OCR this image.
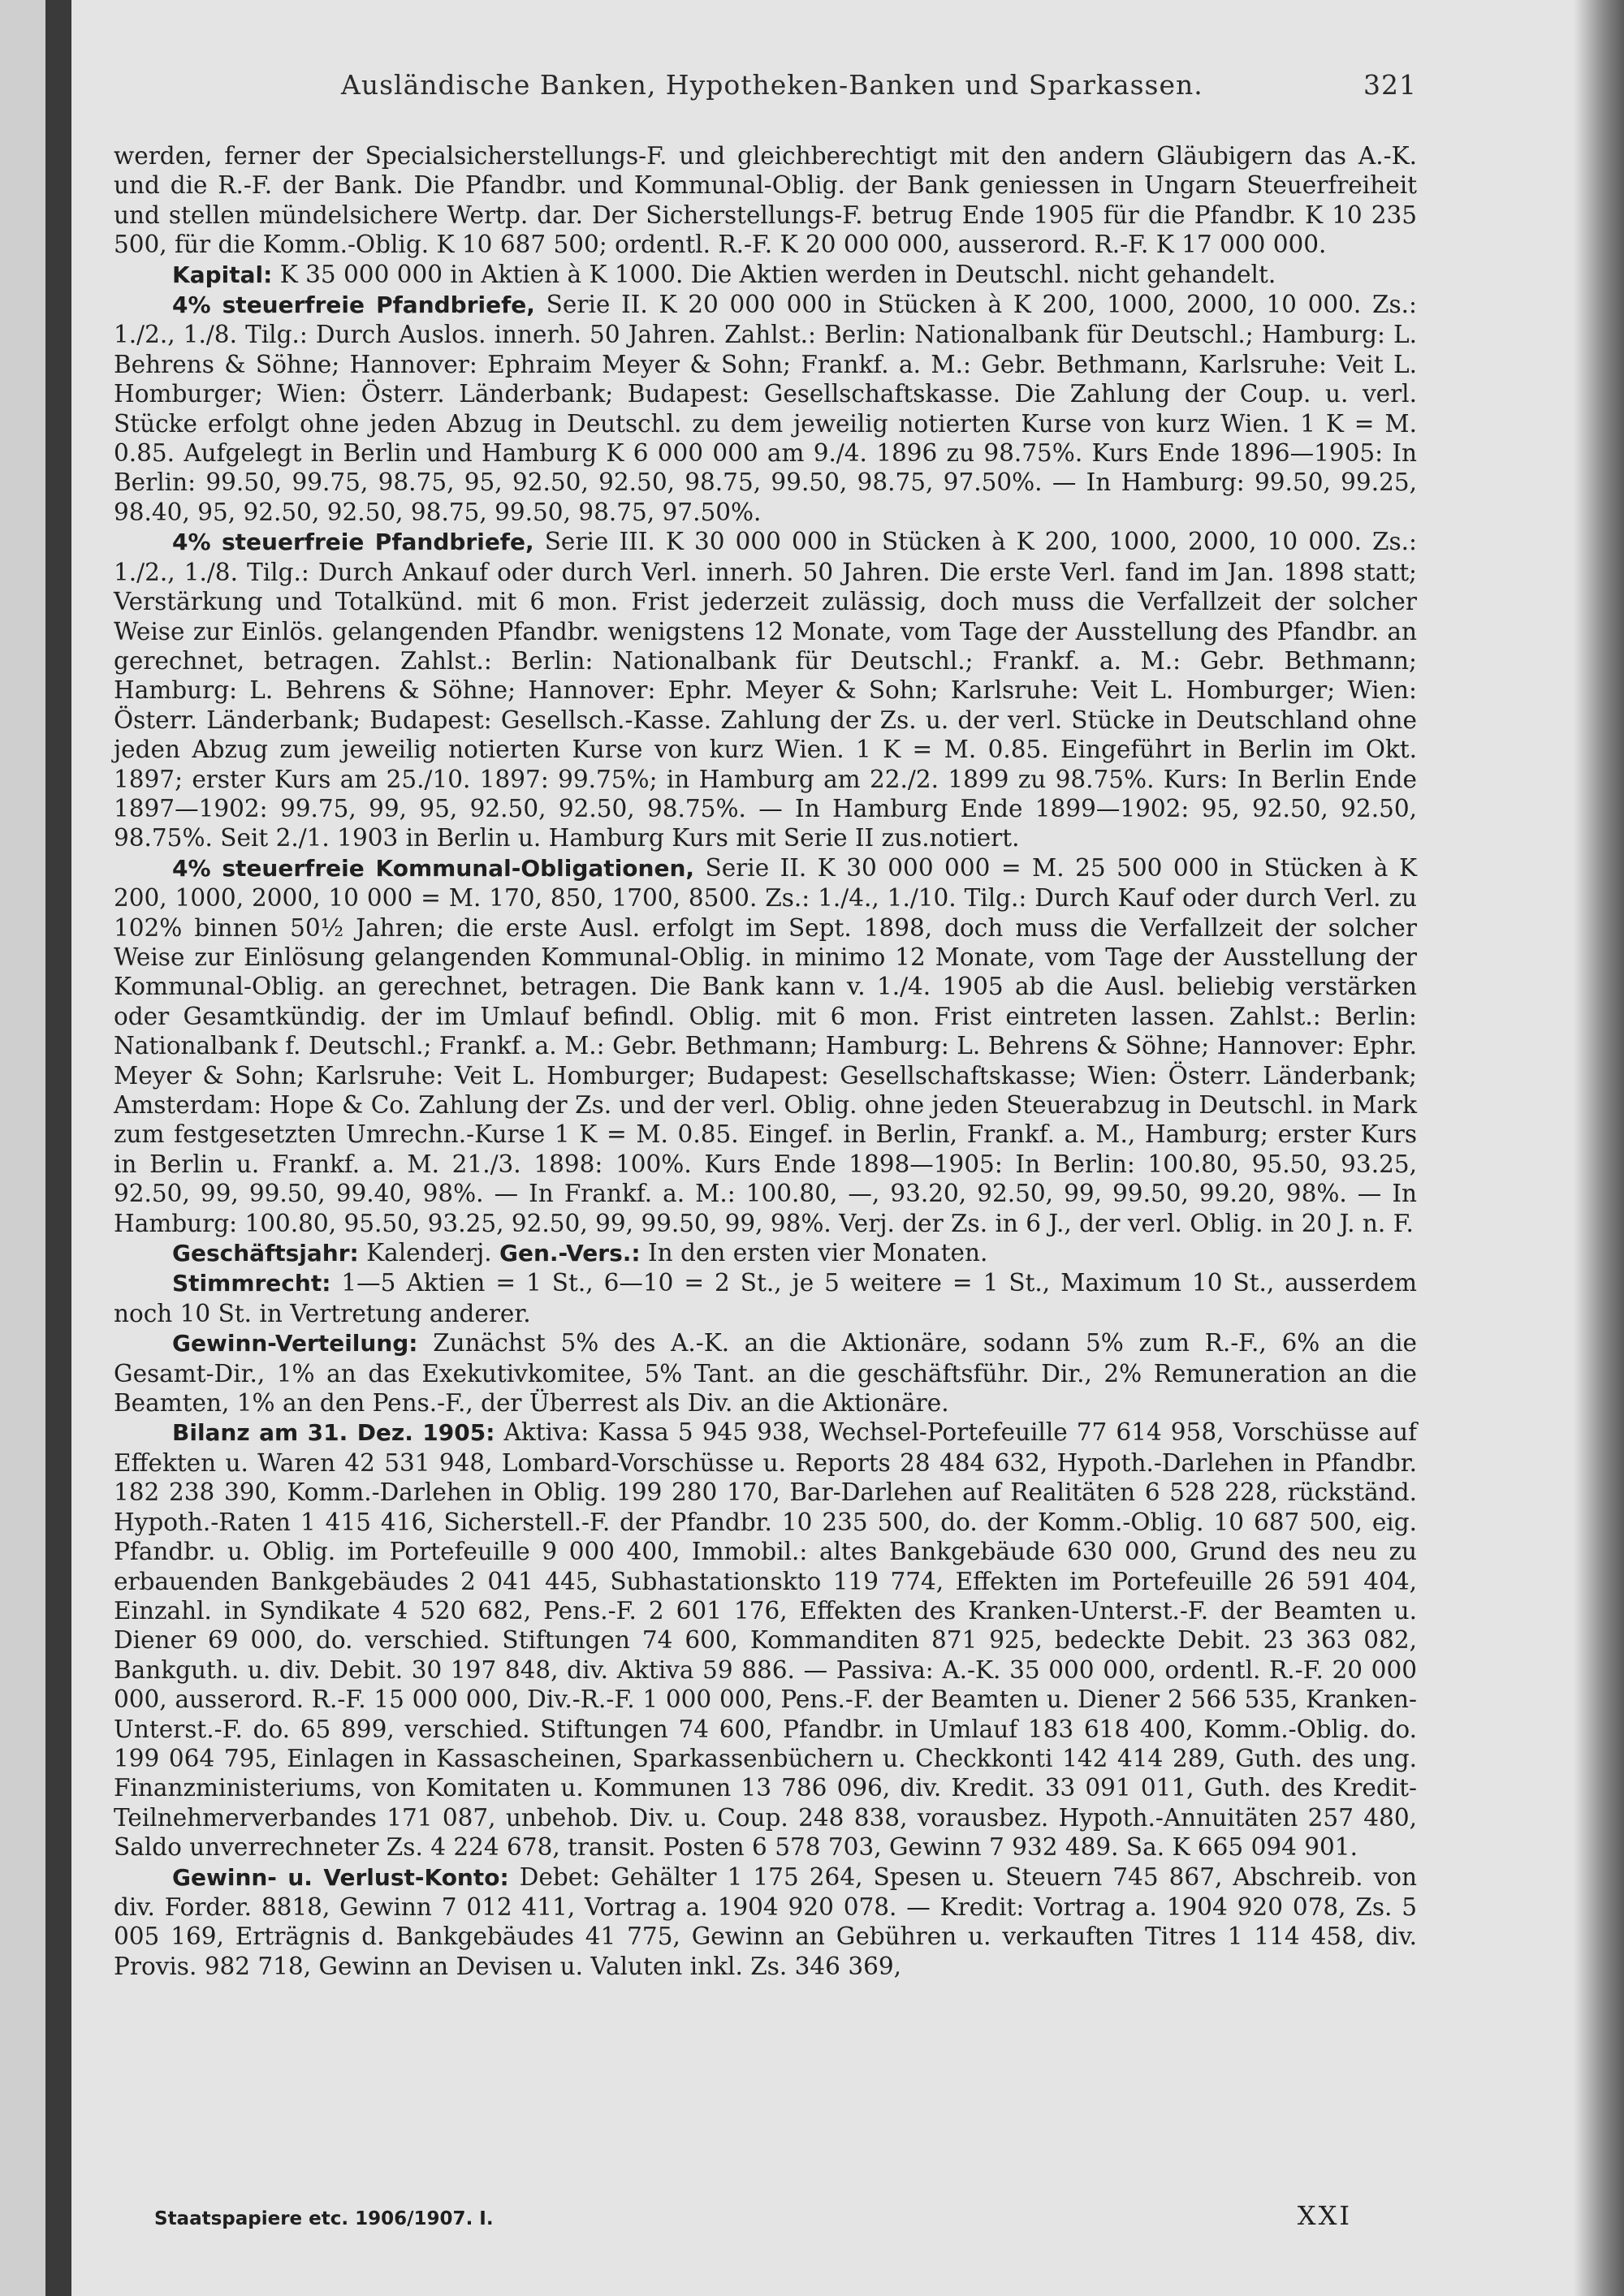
Ausländische Banken, Hypotheken-Banken und Sparkassen.	321

werden, ferner der Specialsicherstellungs-F. und gleichberechtigt mit den andern Gläubigern das A.-K. und die R.-F. der Bank. Die Pfandbr. und Kommunal-Oblig. der Bank geniessen in Ungarn Steuerfreiheit und stellen mündelsichere Wertp. dar. Der Sicherstellungs-F. betrug Ende 1905 für die Pfandbr. K 10 235 500, für die Komm.-Oblig. K 10 687 500; ordentl. R.-F. K 20 000 000, ausserord. R.-F. K 17 000 000.

Kapital: K 35 000 000 in Aktien à K 1000. Die Aktien werden in Deutschl. nicht gehandelt.

4% steuerfreie Pfandbriefe, Serie II. K 20 000 000 in Stücken à K 200, 1000, 2000, 10 000. Zs.: 1./2., 1./8. Tilg.: Durch Auslos. innerh. 50 Jahren. Zahlst.: Berlin: Nationalbank für Deutschl.; Hamburg: L. Behrens & Söhne; Hannover: Ephraim Meyer & Sohn; Frankf. a. M.: Gebr. Bethmann, Karlsruhe: Veit L. Homburger; Wien: Österr. Länderbank; Budapest: Gesellschaftskasse. Die Zahlung der Coup. u. verl. Stücke erfolgt ohne jeden Abzug in Deutschl. zu dem jeweilig notierten Kurse von kurz Wien. 1 K = M. 0.85. Aufgelegt in Berlin und Hamburg K 6 000 000 am 9./4. 1896 zu 98.75%. Kurs Ende 1896—1905: In Berlin: 99.50, 99.75, 98.75, 95, 92.50, 92.50, 98.75, 99.50, 98.75, 97.50%. — In Hamburg: 99.50, 99.25, 98.40, 95, 92.50, 92.50, 98.75, 99.50, 98.75, 97.50%.

4% steuerfreie Pfandbriefe, Serie III. K 30 000 000 in Stücken à K 200, 1000, 2000, 10 000. Zs.: 1./2., 1./8. Tilg.: Durch Ankauf oder durch Verl. innerh. 50 Jahren. Die erste Verl. fand im Jan. 1898 statt; Verstärkung und Totalkünd. mit 6 mon. Frist jederzeit zulässig, doch muss die Verfallzeit der solcher Weise zur Einlös. gelangenden Pfandbr. wenigstens 12 Monate, vom Tage der Ausstellung des Pfandbr. an gerechnet, betragen. Zahlst.: Berlin: Nationalbank für Deutschl.; Frankf. a. M.: Gebr. Bethmann; Hamburg: L. Behrens & Söhne; Hannover: Ephr. Meyer & Sohn; Karlsruhe: Veit L. Homburger; Wien: Österr. Länderbank; Budapest: Gesellsch.-Kasse. Zahlung der Zs. u. der verl. Stücke in Deutschland ohne jeden Abzug zum jeweilig notierten Kurse von kurz Wien. 1 K = M. 0.85. Eingeführt in Berlin im Okt. 1897; erster Kurs am 25./10. 1897: 99.75%; in Hamburg am 22./2. 1899 zu 98.75%. Kurs: In Berlin Ende 1897—1902: 99.75, 99, 95, 92.50, 92.50, 98.75%. — In Hamburg Ende 1899—1902: 95, 92.50, 92.50, 98.75%. Seit 2./1. 1903 in Berlin u. Hamburg Kurs mit Serie II zus.notiert.

4% steuerfreie Kommunal-Obligationen, Serie II. K 30 000 000 = M. 25 500 000 in Stücken à K 200, 1000, 2000, 10 000 = M. 170, 850, 1700, 8500. Zs.: 1./4., 1./10. Tilg.: Durch Kauf oder durch Verl. zu 102% binnen 50½ Jahren; die erste Ausl. erfolgt im Sept. 1898, doch muss die Verfallzeit der solcher Weise zur Einlösung gelangenden Kommunal-Oblig. in minimo 12 Monate, vom Tage der Ausstellung der Kommunal-Oblig. an gerechnet, betragen. Die Bank kann v. 1./4. 1905 ab die Ausl. beliebig verstärken oder Gesamtkündig. der im Umlauf befindl. Oblig. mit 6 mon. Frist eintreten lassen. Zahlst.: Berlin: Nationalbank f. Deutschl.; Frankf. a. M.: Gebr. Bethmann; Hamburg: L. Behrens & Söhne; Hannover: Ephr. Meyer & Sohn; Karlsruhe: Veit L. Homburger; Budapest: Gesellschaftskasse; Wien: Österr. Länderbank; Amsterdam: Hope & Co. Zahlung der Zs. und der verl. Oblig. ohne jeden Steuerabzug in Deutschl. in Mark zum festgesetzten Umrechn.-Kurse 1 K = M. 0.85. Eingef. in Berlin, Frankf. a. M., Hamburg; erster Kurs in Berlin u. Frankf. a. M. 21./3. 1898: 100%. Kurs Ende 1898—1905: In Berlin: 100.80, 95.50, 93.25, 92.50, 99, 99.50, 99.40, 98%. — In Frankf. a. M.: 100.80, —, 93.20, 92.50, 99, 99.50, 99.20, 98%. — In Hamburg: 100.80, 95.50, 93.25, 92.50, 99, 99.50, 99, 98%. Verj. der Zs. in 6 J., der verl. Oblig. in 20 J. n. F.

Geschäftsjahr: Kalenderj. Gen.-Vers.: In den ersten vier Monaten.

Stimmrecht: 1—5 Aktien = 1 St., 6—10 = 2 St., je 5 weitere = 1 St., Maximum 10 St., ausserdem noch 10 St. in Vertretung anderer.

Gewinn-Verteilung: Zunächst 5% des A.-K. an die Aktionäre, sodann 5% zum R.-F., 6% an die Gesamt-Dir., 1% an das Exekutivkomitee, 5% Tant. an die geschäftsführ. Dir., 2% Remuneration an die Beamten, 1% an den Pens.-F., der Überrest als Div. an die Aktionäre.

Bilanz am 31. Dez. 1905: Aktiva: Kassa 5 945 938, Wechsel-Portefeuille 77 614 958, Vorschüsse auf Effekten u. Waren 42 531 948, Lombard-Vorschüsse u. Reports 28 484 632, Hypoth.-Darlehen in Pfandbr. 182 238 390, Komm.-Darlehen in Oblig. 199 280 170, Bar-Darlehen auf Realitäten 6 528 228, rückständ. Hypoth.-Raten 1 415 416, Sicherstell.-F. der Pfandbr. 10 235 500, do. der Komm.-Oblig. 10 687 500, eig. Pfandbr. u. Oblig. im Portefeuille 9 000 400, Immobil.: altes Bankgebäude 630 000, Grund des neu zu erbauenden Bankgebäudes 2 041 445, Subhastationskto 119 774, Effekten im Portefeuille 26 591 404, Einzahl. in Syndikate 4 520 682, Pens.-F. 2 601 176, Effekten des Kranken-Unterst.-F. der Beamten u. Diener 69 000, do. verschied. Stiftungen 74 600, Kommanditen 871 925, bedeckte Debit. 23 363 082, Bankguth. u. div. Debit. 30 197 848, div. Aktiva 59 886. — Passiva: A.-K. 35 000 000, ordentl. R.-F. 20 000 000, ausserord. R.-F. 15 000 000, Div.-R.-F. 1 000 000, Pens.-F. der Beamten u. Diener 2 566 535, Kranken-Unterst.-F. do. 65 899, verschied. Stiftungen 74 600, Pfandbr. in Umlauf 183 618 400, Komm.-Oblig. do. 199 064 795, Einlagen in Kassascheinen, Sparkassenbüchern u. Checkkonti 142 414 289, Guth. des ung. Finanzministeriums, von Komitaten u. Kommunen 13 786 096, div. Kredit. 33 091 011, Guth. des Kredit-Teilnehmerverbandes 171 087, unbehob. Div. u. Coup. 248 838, vorausbez. Hypoth.-Annuitäten 257 480, Saldo unverrechneter Zs. 4 224 678, transit. Posten 6 578 703, Gewinn 7 932 489. Sa. K 665 094 901.

Gewinn- u. Verlust-Konto: Debet: Gehälter 1 175 264, Spesen u. Steuern 745 867, Abschreib. von div. Forder. 8818, Gewinn 7 012 411, Vortrag a. 1904 920 078. — Kredit: Vortrag a. 1904 920 078, Zs. 5 005 169, Erträgnis d. Bankgebäudes 41 775, Gewinn an Gebühren u. verkauften Titres 1 114 458, div. Provis. 982 718, Gewinn an Devisen u. Valuten inkl. Zs. 346 369,

Staatspapiere etc. 1906/1907. I.	XXI
